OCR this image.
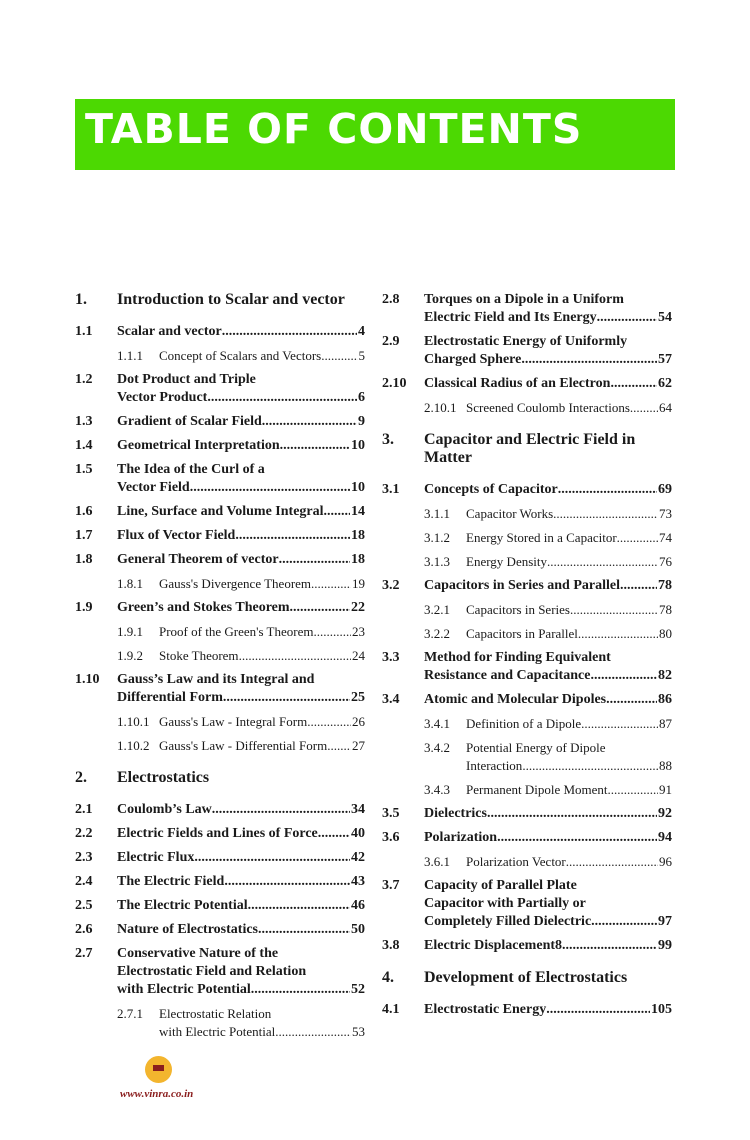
TABLE OF CONTENTS
1.	Introduction to Scalar and vector
1.1	Scalar and vector .....	4
1.1.1	Concept of Scalars and Vectors .....	5
1.2	Dot Product and Triple
Vector Product .....	6
1.3	Gradient of Scalar Field .....	9
1.4	Geometrical Interpretation .....	10
1.5	The Idea of the Curl of a
Vector Field .....	10
1.6	Line, Surface and Volume Integral ..... 14
1.7	Flux of Vector Field .....	18
1.8	General Theorem of vector .....	18
1.8.1	Gauss's Divergence Theorem .....	19
1.9	Green’s and Stokes Theorem .....	22
1.9.1	Proof of the Green's Theorem .....	23
1.9.2	Stoke Theorem .....	24
1.10	Gauss’s Law and its Integral and
Differential Form .....	25
1.10.1 Gauss's Law - Integral Form .....	26
1.10.2 Gauss's Law - Differential Form ..... 27
2.	Electrostatics
2.1	Coulomb’s Law .....	34
2.2	Electric Fields and Lines of Force ..... 40
2.3	Electric Flux .....	42
2.4	The Electric Field .....	43
2.5	The Electric Potential .....	46
2.6	Nature of Electrostatics .....	50
2.7	Conservative Nature of the
Electrostatic Field and Relation
with Electric Potential .....	52
2.7.1	Electrostatic Relation
with Electric Potential .....	53
2.8	Torques on a Dipole in a Uniform
Electric Field and Its Energy .....	54
2.9	Electrostatic Energy of Uniformly
Charged Sphere .....	57
2.10	Classical Radius of an Electron .....	62
2.10.1 Screened Coulomb Interactions ..... 64
3.	Capacitor and Electric Field in
Matter
3.1	Concepts of Capacitor .....	69
3.1.1	Capacitor Works .....	73
3.1.2	Energy Stored in a Capacitor .....	74
3.1.3	Energy Density .....	76
3.2	Capacitors in Series and Parallel .....	78
3.2.1	Capacitors in Series .....	78
3.2.2	Capacitors in Parallel .....	80
3.3	Method for Finding Equivalent
Resistance and Capacitance .....	82
3.4	Atomic and Molecular Dipoles .....	86
3.4.1	Definition of a Dipole .....	87
3.4.2	Potential Energy of Dipole
Interaction .....	88
3.4.3	Permanent Dipole Moment .....	91
3.5	Dielectrics .....	92
3.6	Polarization .....	94
3.6.1	Polarization Vector .....	96
3.7	Capacity of Parallel Plate
Capacitor with Partially or
Completely Filled Dielectric .....	97
3.8	Electric Displacement8 .....	99
4.	Development of Electrostatics
4.1	Electrostatic Energy .....	105
www.vinra.co.in
